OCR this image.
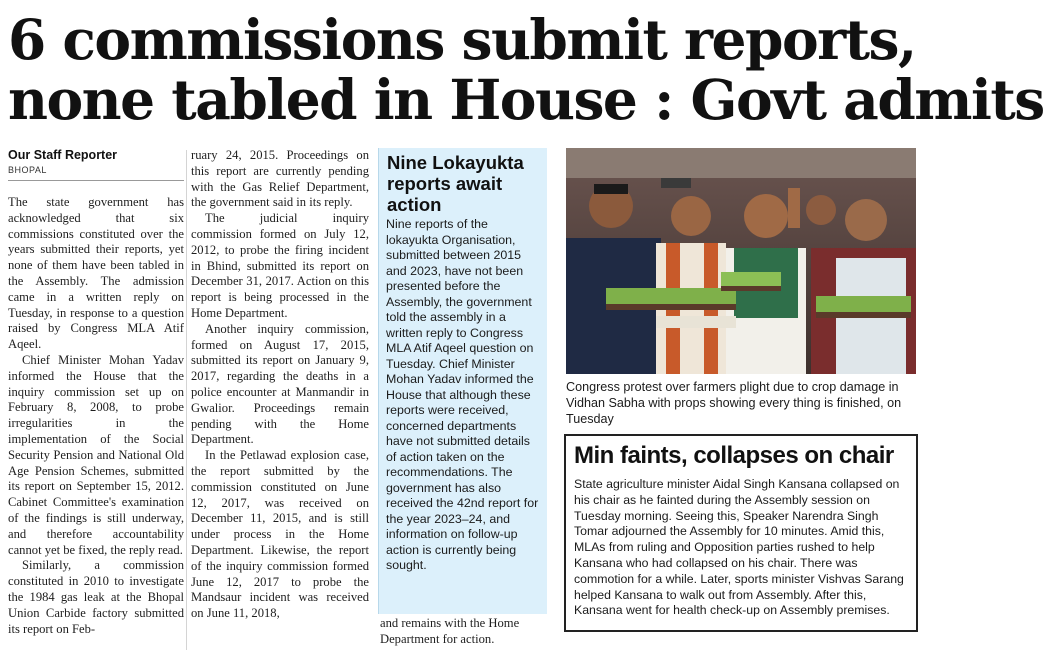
6 commissions submit reports,
none tabled in House : Govt admits
Our Staff Reporter
BHOPAL

The state government has acknowledged that six commissions constituted over the years submitted their reports, yet none of them have been tabled in the Assembly. The admission came in a written reply on Tuesday, in response to a question raised by Congress MLA Atif Aqeel.

Chief Minister Mohan Yadav informed the House that the inquiry commission set up on February 8, 2008, to probe irregularities in the implementation of the Social Security Pension and National Old Age Pension Schemes, submitted its report on September 15, 2012. Cabinet Committee's examination of the findings is still underway, and therefore accountability cannot yet be fixed, the reply read.

Similarly, a commission constituted in 2010 to investigate the 1984 gas leak at the Bhopal Union Carbide factory submitted its report on Feb-

ruary 24, 2015. Proceedings on this report are currently pending with the Gas Relief Department, the government said in its reply.

The judicial inquiry commission formed on July 12, 2012, to probe the firing incident in Bhind, submitted its report on December 31, 2017. Action on this report is being processed in the Home Department.

Another inquiry commission, formed on August 17, 2015, submitted its report on January 9, 2017, regarding the deaths in a police encounter at Manmandir in Gwalior. Proceedings remain pending with the Home Department.

In the Petlawad explosion case, the report submitted by the commission constituted on June 12, 2017, was received on December 11, 2015, and is still under process in the Home Department. Likewise, the report of the inquiry commission formed June 12, 2017 to probe the Mandsaur incident was received on June 11, 2018,

Nine Lokayukta reports await action
Nine reports of the lokayukta Organisation, submitted between 2015 and 2023, have not been presented before the Assembly, the government told the assembly in a written reply to Congress MLA Atif Aqeel question on Tuesday. Chief Minister Mohan Yadav informed the House that although these reports were received, concerned departments have not submitted details of action taken on the recommendations. The government has also received the 42nd report for the year 2023–24, and information on follow-up action is currently being sought.
and remains with the Home Department for action.
Congress protest over farmers plight due to crop damage in Vidhan Sabha with props showing every thing is finished, on Tuesday
Min faints, collapses on chair
State agriculture minister Aidal Singh Kansana collapsed on his chair as he fainted during the Assembly session on Tuesday morning. Seeing this, Speaker Narendra Singh Tomar adjourned the Assembly for 10 minutes. Amid this, MLAs from ruling and Opposition parties rushed to help Kansana who had collapsed on his chair. There was commotion for a while. Later, sports minister Vishvas Sarang helped Kansana to walk out from Assembly. After this, Kansana went for health check-up on Assembly premises.
